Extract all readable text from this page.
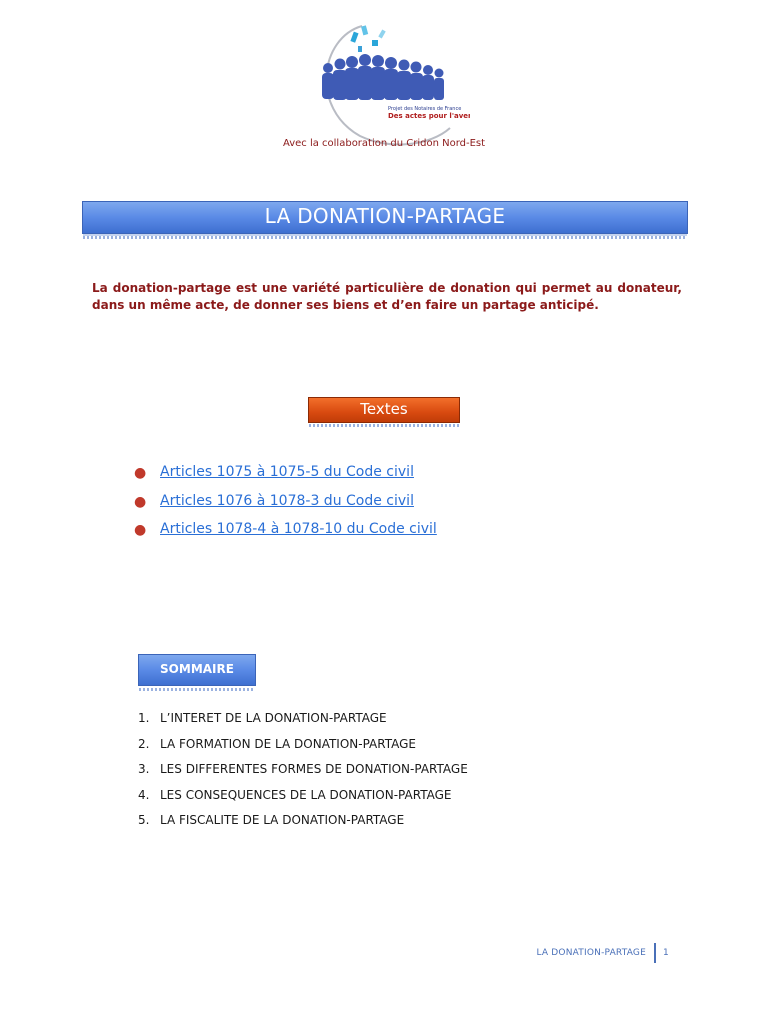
Projet des Notaires de France
Des actes pour l'avenir
Avec la collaboration du Cridon Nord-Est
LA DONATION-PARTAGE
La donation-partage est une variété particulière de donation qui permet au donateur, dans un même acte, de donner ses biens et d’en faire un partage anticipé.
Textes
● Articles 1075 à 1075-5 du Code civil
● Articles 1076 à 1078-3 du Code civil
● Articles 1078-4 à 1078-10 du Code civil
SOMMAIRE
1. L’INTERET DE LA DONATION-PARTAGE
2. LA FORMATION DE LA DONATION-PARTAGE
3. LES DIFFERENTES FORMES DE DONATION-PARTAGE
4. LES CONSEQUENCES DE LA DONATION-PARTAGE
5. LA FISCALITE DE LA DONATION-PARTAGE
LA DONATION-PARTAGE 1
